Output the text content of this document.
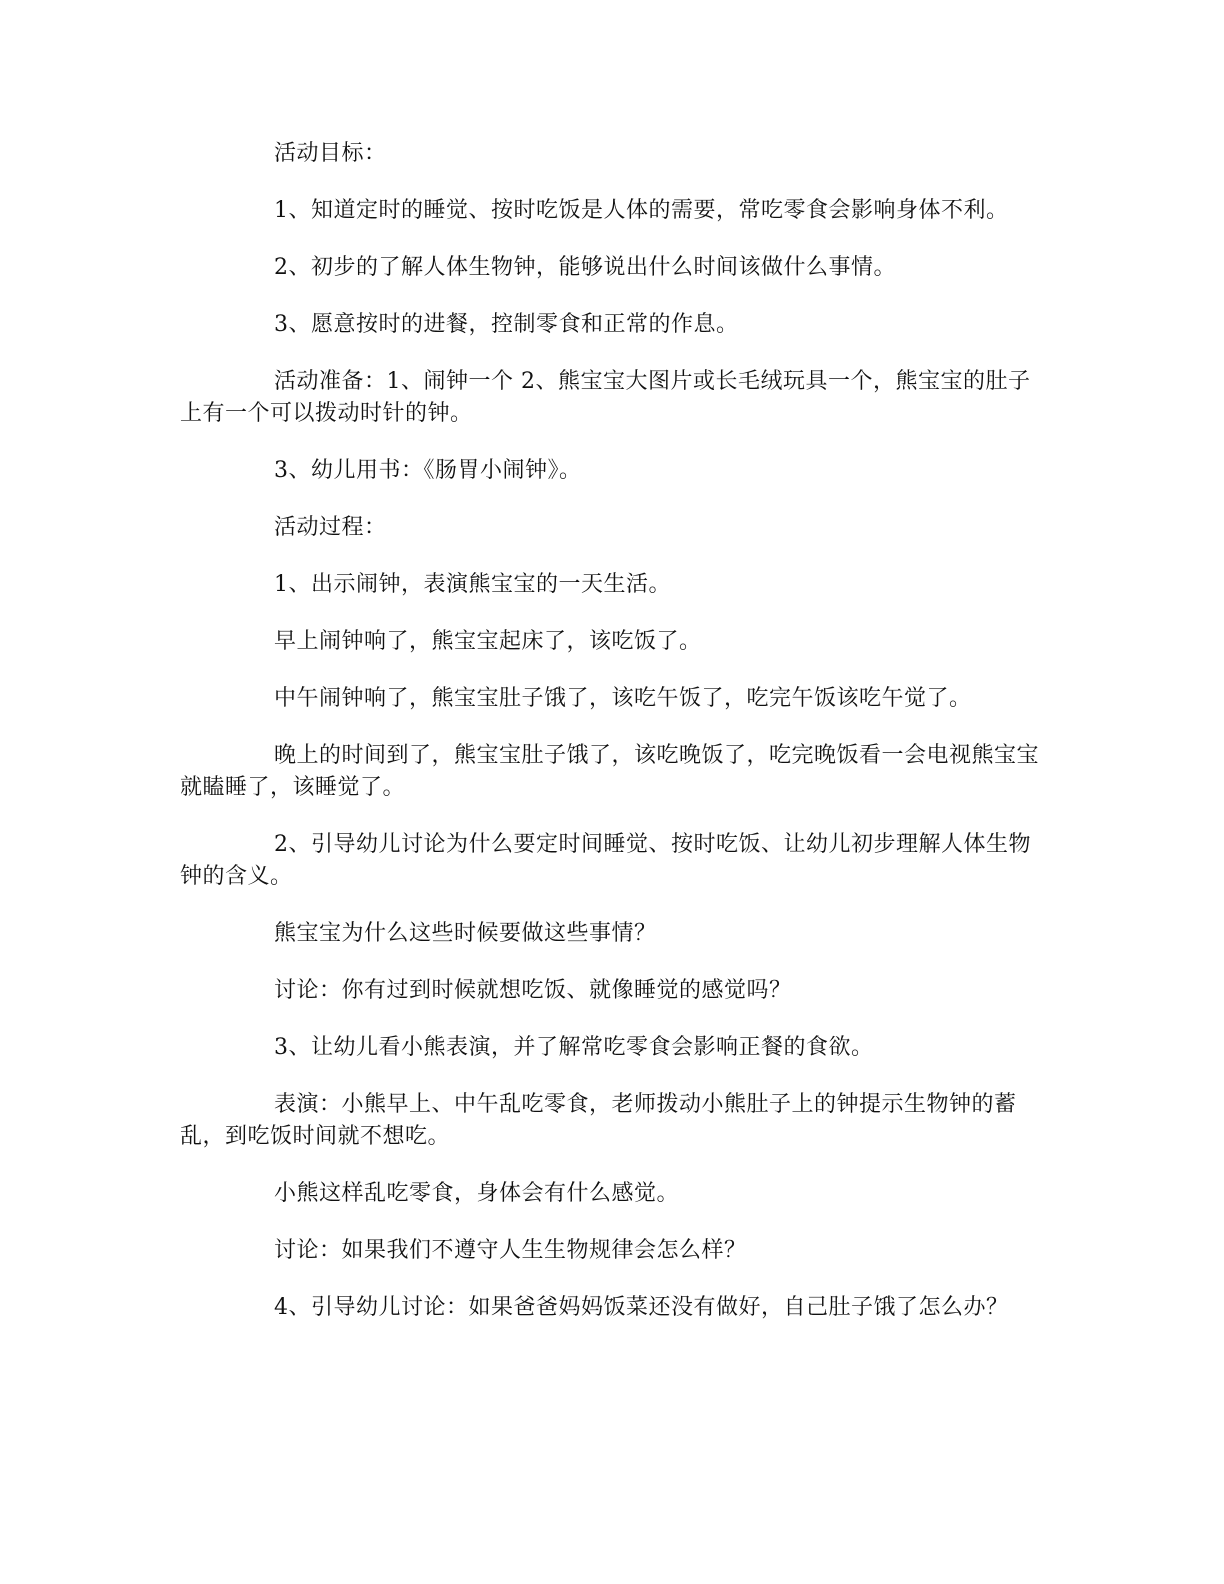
活动目标：

1、知道定时的睡觉、按时吃饭是人体的需要，常吃零食会影响身体不利。

2、初步的了解人体生物钟，能够说出什么时间该做什么事情。

3、愿意按时的进餐，控制零食和正常的作息。

活动准备：1、闹钟一个 2、熊宝宝大图片或长毛绒玩具一个，熊宝宝的肚子上有一个可以拨动时针的钟。

3、幼儿用书：《肠胃小闹钟》。

活动过程：

1、出示闹钟，表演熊宝宝的一天生活。

早上闹钟响了，熊宝宝起床了，该吃饭了。

中午闹钟响了，熊宝宝肚子饿了，该吃午饭了，吃完午饭该吃午觉了。

晚上的时间到了，熊宝宝肚子饿了，该吃晚饭了，吃完晚饭看一会电视熊宝宝就瞌睡了，该睡觉了。

2、引导幼儿讨论为什么要定时间睡觉、按时吃饭、让幼儿初步理解人体生物钟的含义。

熊宝宝为什么这些时候要做这些事情？

讨论：你有过到时候就想吃饭、就像睡觉的感觉吗？

3、让幼儿看小熊表演，并了解常吃零食会影响正餐的食欲。

表演：小熊早上、中午乱吃零食，老师拨动小熊肚子上的钟提示生物钟的蓄乱，到吃饭时间就不想吃。

小熊这样乱吃零食，身体会有什么感觉。

讨论：如果我们不遵守人生生物规律会怎么样？

4、引导幼儿讨论：如果爸爸妈妈饭菜还没有做好，自己肚子饿了怎么办？
